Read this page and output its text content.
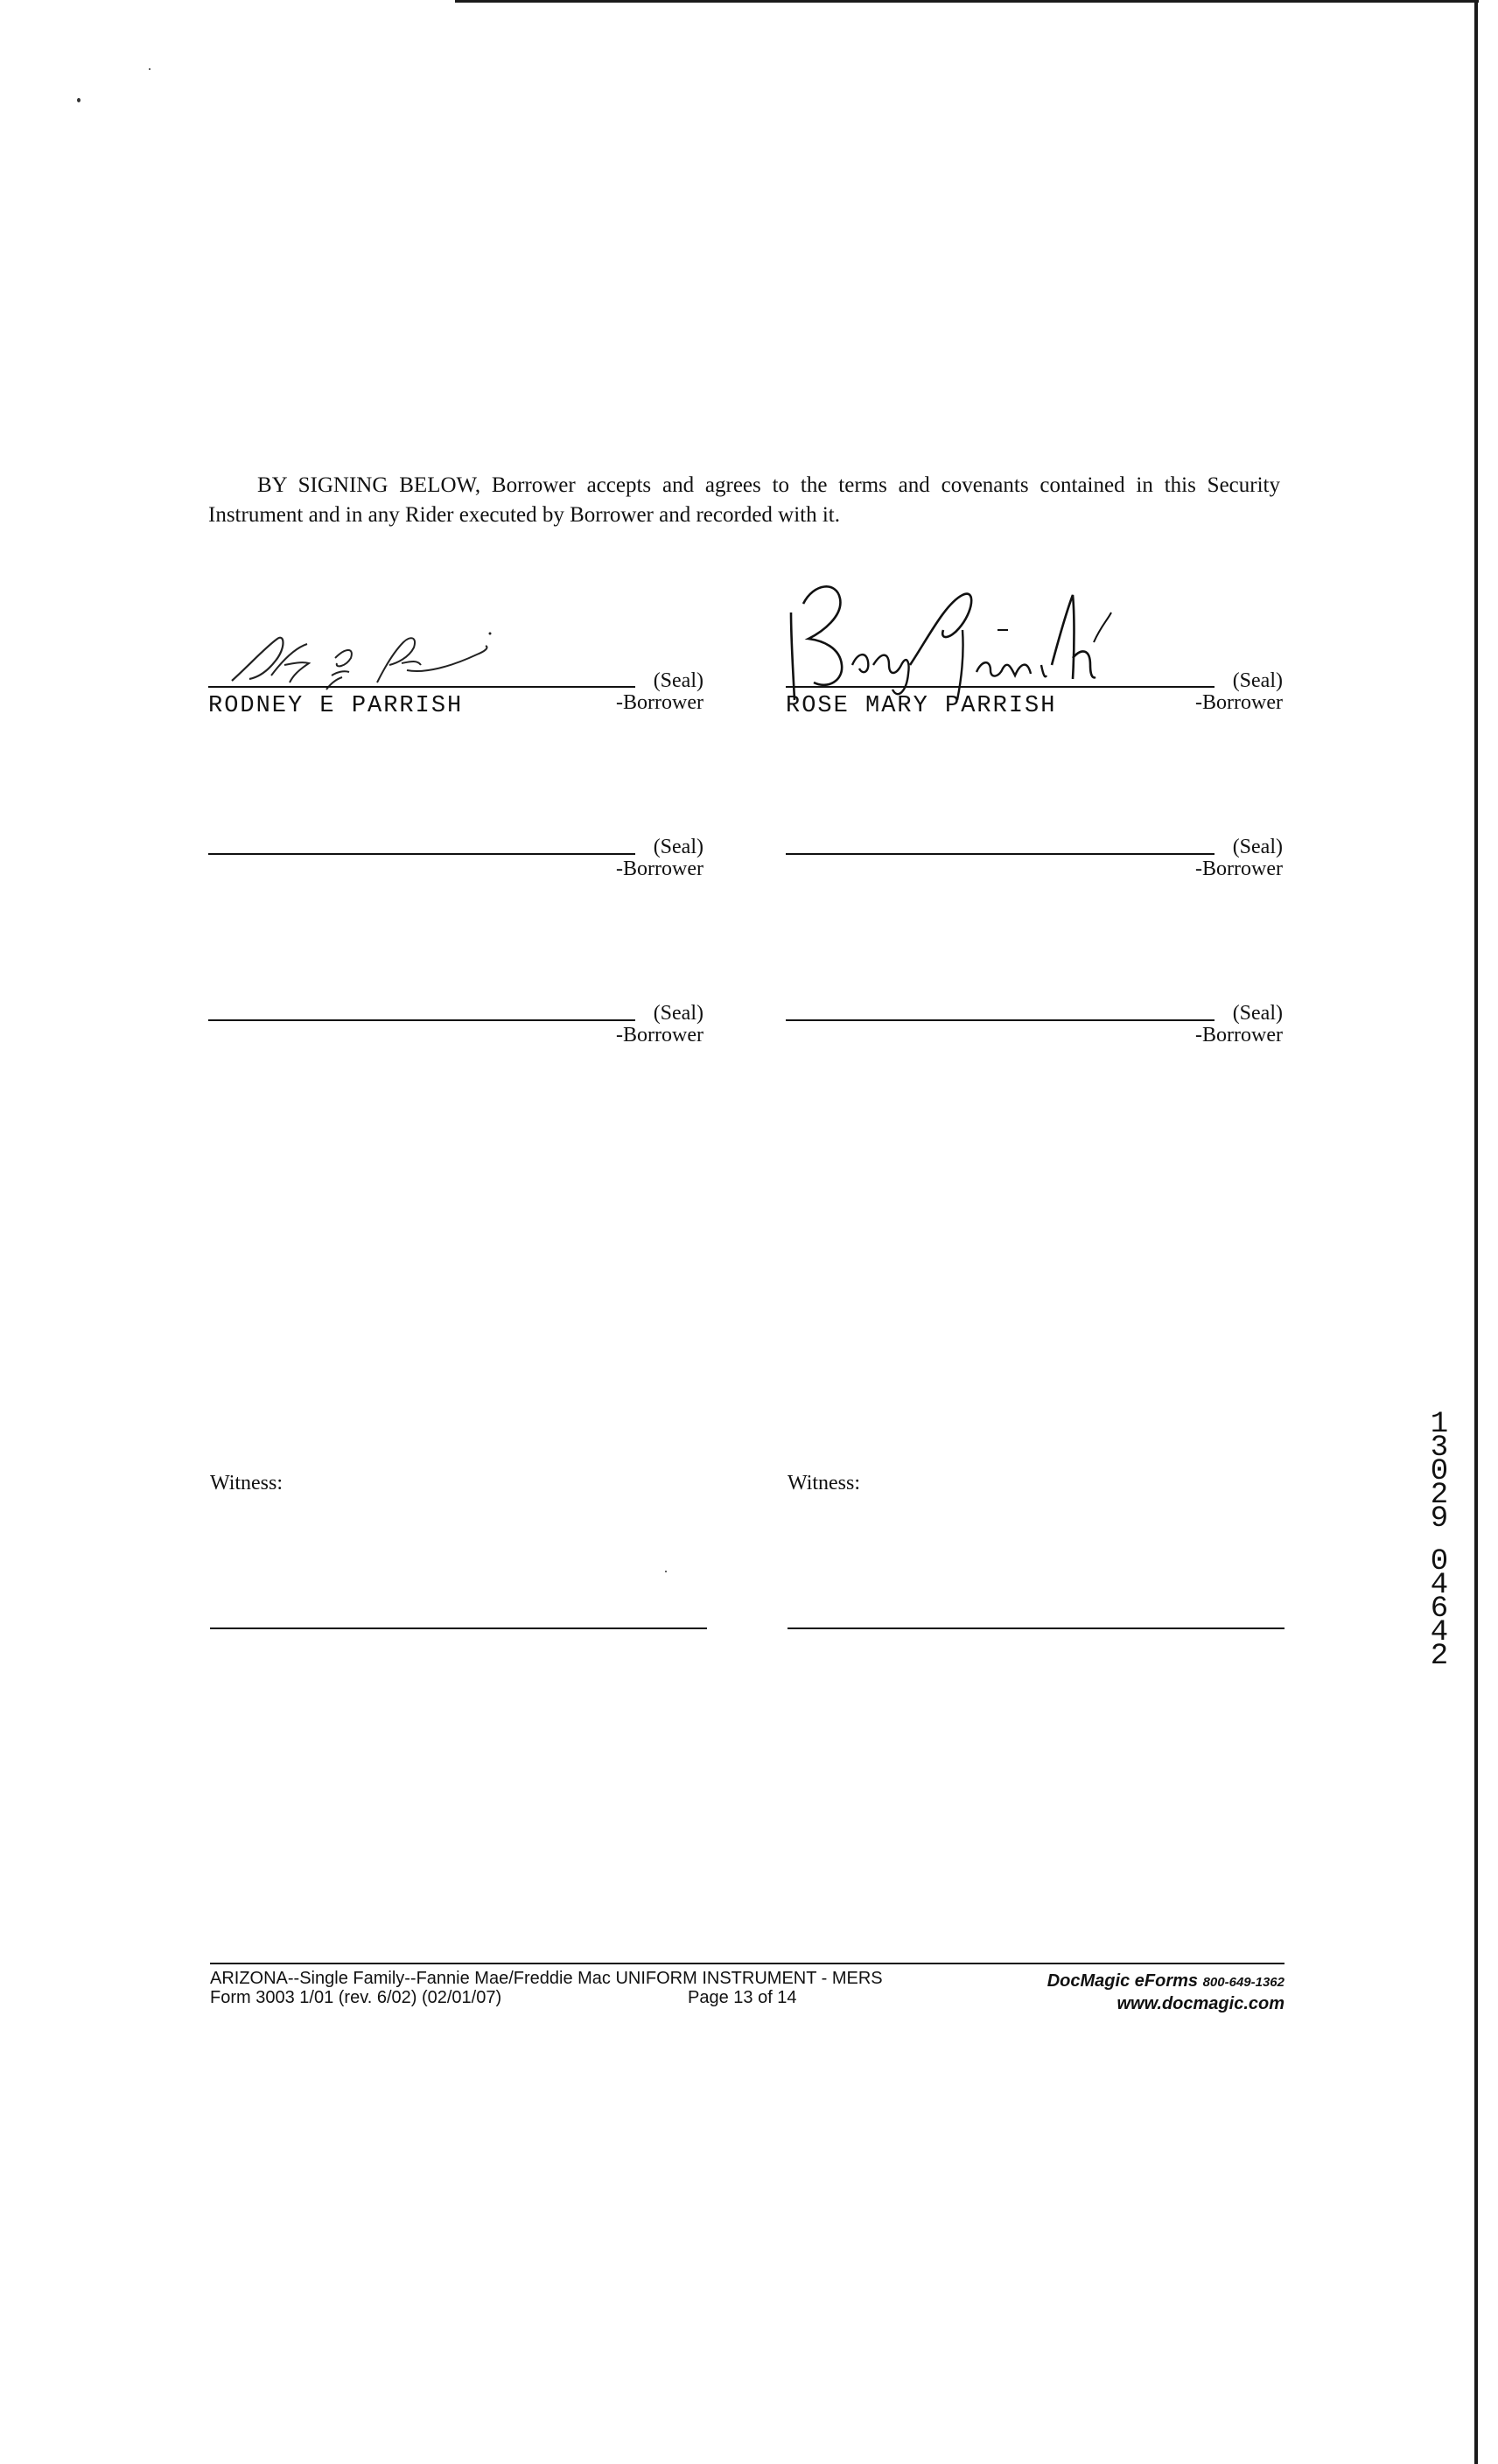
BY SIGNING BELOW, Borrower accepts and agrees to the terms and covenants contained in this Security Instrument and in any Rider executed by Borrower and recorded with it.
(Seal)
-Borrower
RODNEY E PARRISH
(Seal)
-Borrower
ROSE MARY PARRISH
(Seal)
-Borrower
(Seal)
-Borrower
(Seal)
-Borrower
(Seal)
-Borrower
Witness:	Witness:
1
3
0
2
9
0
4
6
4
2
ARIZONA--Single Family--Fannie Mae/Freddie Mac UNIFORM INSTRUMENT - MERS
Form 3003 1/01 (rev. 6/02) (02/01/07)	Page 13 of 14
DocMagic eForms 800-649-1362
www.docmagic.com
